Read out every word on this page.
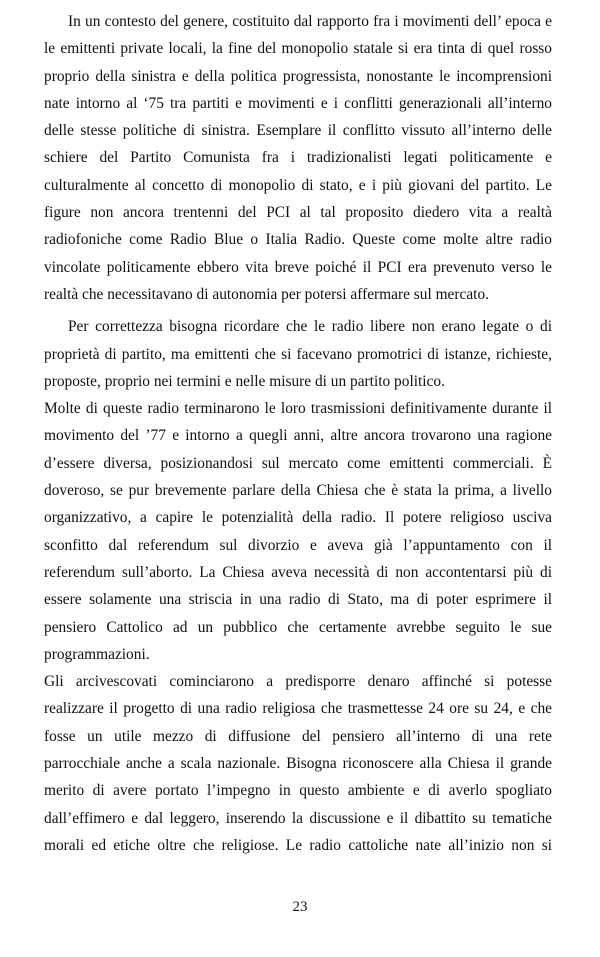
In un contesto del genere, costituito dal rapporto fra i movimenti dell’ epoca e
le emittenti private locali, la fine del monopolio statale si era tinta di quel rosso
proprio della sinistra e della politica progressista, nonostante le incomprensioni
nate intorno al ‘75 tra partiti e movimenti e i conflitti generazionali all’interno
delle stesse politiche di sinistra. Esemplare il conflitto vissuto all’interno delle
schiere del Partito Comunista fra i tradizionalisti legati politicamente e
culturalmente al concetto di monopolio di stato, e i più giovani del partito. Le
figure non ancora trentenni del PCI al tal proposito diedero vita a realtà
radiofoniche come Radio Blue o Italia Radio. Queste come molte altre radio
vincolate politicamente ebbero vita breve poiché il PCI era prevenuto verso le
realtà che necessitavano di autonomia per potersi affermare sul mercato.
Per correttezza bisogna ricordare che le radio libere non erano legate o di
proprietà di partito, ma emittenti che si facevano promotrici di istanze, richieste,
proposte, proprio nei termini e nelle misure di un partito politico.
Molte di queste radio terminarono le loro trasmissioni definitivamente durante il
movimento del ’77 e intorno a quegli anni, altre ancora trovarono una ragione
d’essere diversa, posizionandosi sul mercato come emittenti commerciali. È
doveroso, se pur brevemente parlare della Chiesa che è stata la prima, a livello
organizzativo, a capire le potenzialità della radio. Il potere religioso usciva
sconfitto dal referendum sul divorzio e aveva già l’appuntamento con il
referendum sull’aborto. La Chiesa aveva necessità di non accontentarsi più di
essere solamente una striscia in una radio di Stato, ma di poter esprimere il
pensiero Cattolico ad un pubblico che certamente avrebbe seguito le sue
programmazioni.
Gli arcivescovati cominciarono a predisporre denaro affinché si potesse
realizzare il progetto di una radio religiosa che trasmettesse 24 ore su 24, e che
fosse un utile mezzo di diffusione del pensiero all’interno di una rete
parrocchiale anche a scala nazionale. Bisogna riconoscere alla Chiesa il grande
merito di avere portato l’impegno in questo ambiente e di averlo spogliato
dall’effimero e dal leggero, inserendo la discussione e il dibattito su tematiche
morali ed etiche oltre che religiose. Le radio cattoliche nate all’inizio non si
23
